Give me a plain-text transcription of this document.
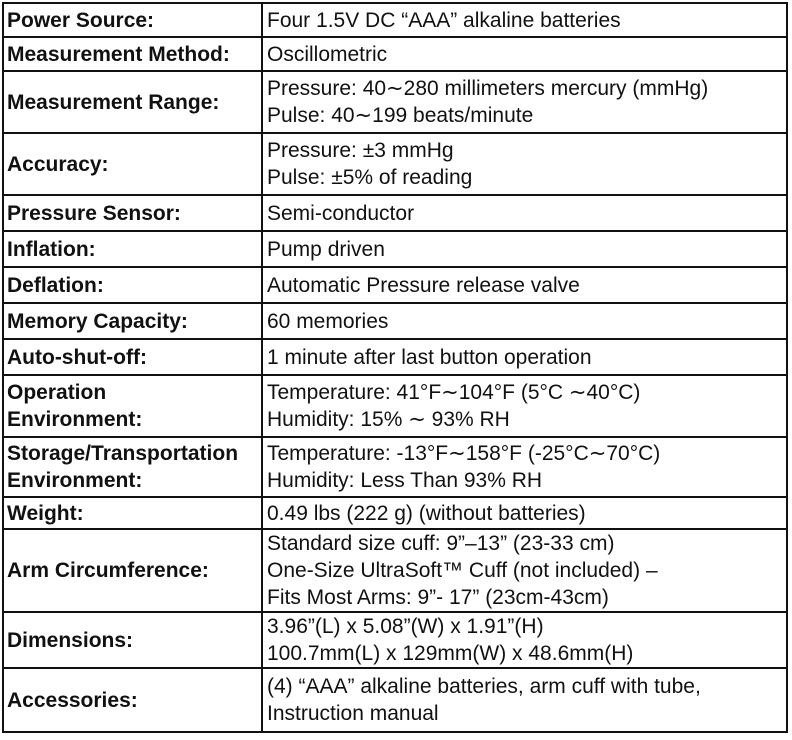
Power Source:	Four 1.5V DC “AAA” alkaline batteries

Measurement Method:	Oscillometric

Measurement Range:	Pressure: 40∼280 millimeters mercury (mmHg)
Pulse: 40∼199 beats/minute

Accuracy:	Pressure: ±3 mmHg
Pulse: ±5% of reading

Pressure Sensor:	Semi-conductor

Inflation:	Pump driven

Deflation:	Automatic Pressure release valve

Memory Capacity:	60 memories

Auto-shut-off:	1 minute after last button operation

Operation
Environment:	Temperature: 41°F∼104°F (5°C ∼40°C)
Humidity: 15% ∼ 93% RH

Storage/Transportation
Environment:	Temperature: -13°F∼158°F (-25°C∼70°C)
Humidity: Less Than 93% RH

Weight:	0.49 lbs (222 g) (without batteries)

Arm Circumference:	Standard size cuff: 9”–13” (23-33 cm)
One-Size UltraSoft™ Cuff (not included) –
Fits Most Arms: 9”- 17” (23cm-43cm)

Dimensions:	3.96”(L) x 5.08”(W) x 1.91”(H)
100.7mm(L) x 129mm(W) x 48.6mm(H)

Accessories:	(4) “AAA” alkaline batteries, arm cuff with tube,
Instruction manual
